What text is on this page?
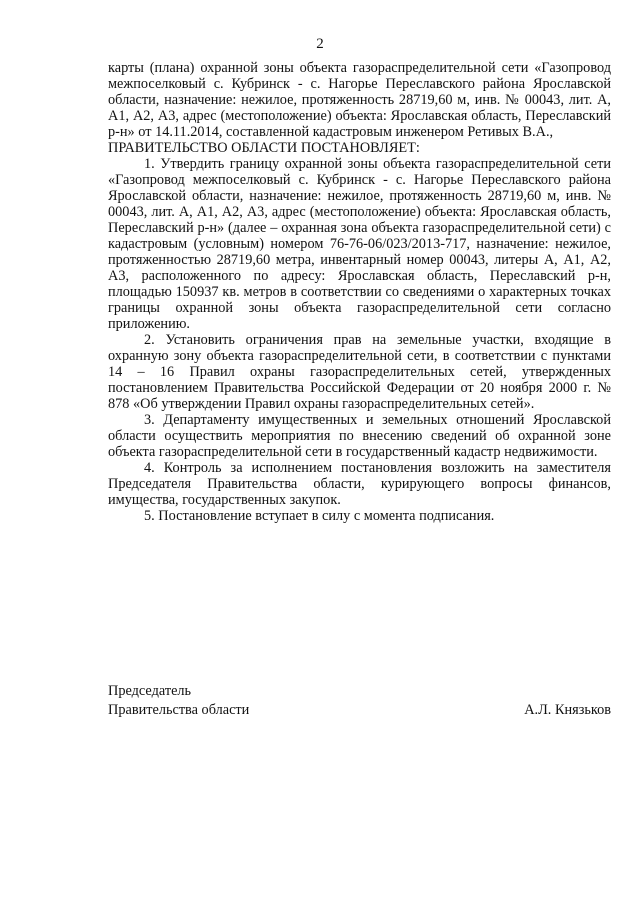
2

карты (плана) охранной зоны объекта газораспределительной сети «Газопровод межпоселковый с. Кубринск - с. Нагорье Переславского района Ярославской области, назначение: нежилое, протяженность 28719,60 м, инв. № 00043, лит. А, А1, А2, А3, адрес (местоположение) объекта: Ярославская область, Переславский р-н» от 14.11.2014, составленной кадастровым инженером Ретивых В.А.,

ПРАВИТЕЛЬСТВО ОБЛАСТИ ПОСТАНОВЛЯЕТ:

1. Утвердить границу охранной зоны объекта газораспределительной сети «Газопровод межпоселковый с. Кубринск - с. Нагорье Переславского района Ярославской области, назначение: нежилое, протяженность 28719,60 м, инв. № 00043, лит. А, А1, А2, А3, адрес (местоположение) объекта: Ярославская область, Переславский р-н» (далее – охранная зона объекта газораспределительной сети) с кадастровым (условным) номером 76-76-06/023/2013-717, назначение: нежилое, протяженностью 28719,60 метра, инвентарный номер 00043, литеры А, А1, А2, А3, расположенного по адресу: Ярославская область, Переславский р-н, площадью 150937 кв. метров в соответствии со сведениями о характерных точках границы охранной зоны объекта газораспределительной сети согласно приложению.

2. Установить ограничения прав на земельные участки, входящие в охранную зону объекта газораспределительной сети, в соответствии с пунктами 14 – 16 Правил охраны газораспределительных сетей, утвержденных постановлением Правительства Российской Федерации от 20 ноября 2000 г. № 878 «Об утверждении Правил охраны газораспределительных сетей».

3. Департаменту имущественных и земельных отношений Ярославской области осуществить мероприятия по внесению сведений об охранной зоне объекта газораспределительной сети в государственный кадастр недвижимости.

4. Контроль за исполнением постановления возложить на заместителя Председателя Правительства области, курирующего вопросы финансов, имущества, государственных закупок.

5. Постановление вступает в силу с момента подписания.

Председатель
Правительства области	А.Л. Князьков
